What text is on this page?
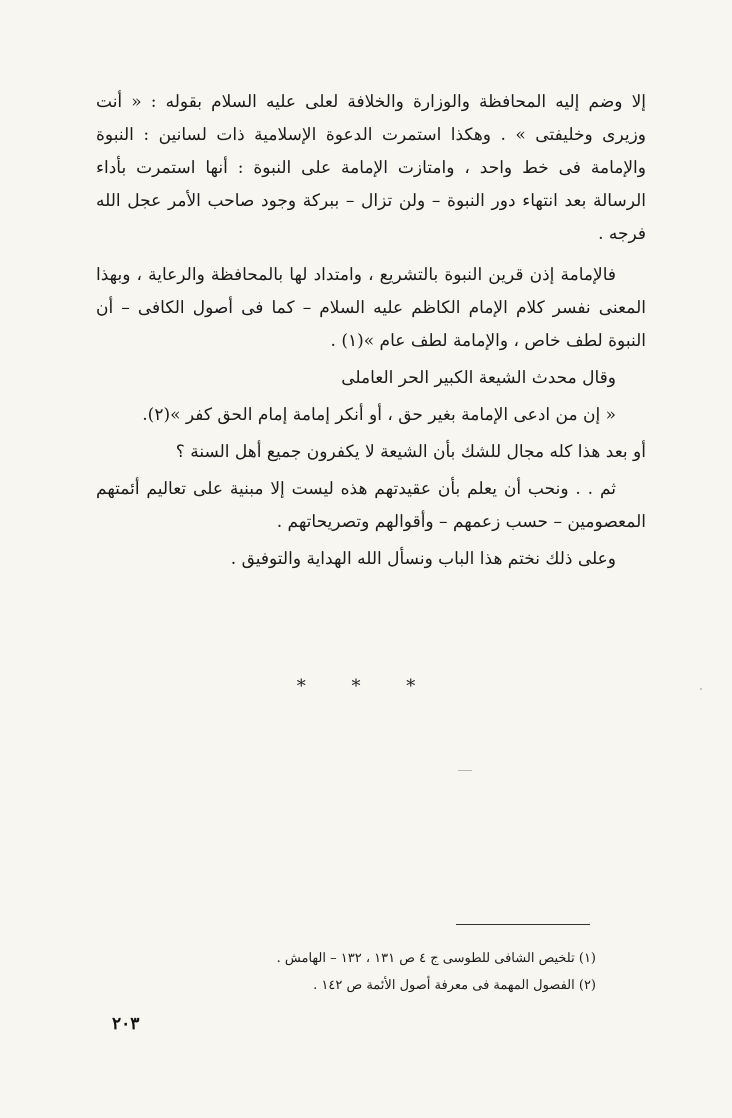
إلا وضم إليه المحافظة والوزارة والخلافة لعلى عليه السلام بقوله : « أنت وزيرى وخليفتى » . وهكذا استمرت الدعوة الإسلامية ذات لسانين : النبوة والإمامة فى خط واحد ، وامتازت الإمامة على النبوة : أنها استمرت بأداء الرسالة بعد انتهاء دور النبوة – ولن تزال – ببركة وجود صاحب الأمر عجل الله فرجه .

فالإمامة إذن قرين النبوة بالتشريع ، وامتداد لها بالمحافظة والرعاية ، وبهذا المعنى نفسر كلام الإمام الكاظم عليه السلام – كما فى أصول الكافى – أن النبوة لطف خاص ، والإمامة لطف عام »(١) .

وقال محدث الشيعة الكبير الحر العاملى

« إن من ادعى الإمامة بغير حق ، أو أنكر إمامة إمام الحق كفر »(٢).

أو بعد هذا كله مجال للشك بأن الشيعة لا يكفرون جميع أهل السنة ؟

ثم . . ونحب أن يعلم بأن عقيدتهم هذه ليست إلا مبنية على تعاليم أئمتهم المعصومين – حسب زعمهم – وأقوالهم وتصريحاتهم .

وعلى ذلك نختم هذا الباب ونسأل الله الهداية والتوفيق .

* * *

(١) تلخيص الشافى للطوسى ج ٤ ص ١٣١ ، ١٣٢ – الهامش .

(٢) الفصول المهمة فى معرفة أصول الأئمة ص ١٤٢ .

٢٠٣
